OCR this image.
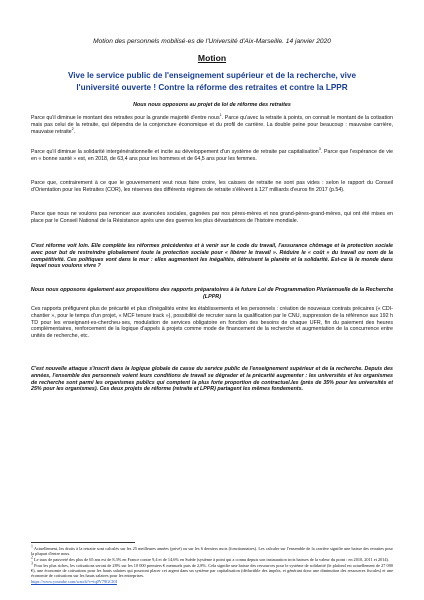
Motion des personnels mobilisé·es de l'Université d'Aix-Marseille. 14 janvier 2020
Motion
Vive le service public de l'enseignement supérieur et de la recherche, vive l'université ouverte ! Contre la réforme des retraites et contre la LPPR
Nous nous opposons au projet de loi de réforme des retraites
Parce qu'il diminue le montant des retraites pour la grande majorité d'entre nous$^1$. Parce qu'avec la retraite à points, on connait le montant de la cotisation mais pas celui de la retraite, qui dépendra de la conjoncture économique et du profil de carrière. La double peine pour beaucoup : mauvaise carrière, mauvaise retraite$^2$.
Parce qu'il diminue la solidarité intergénérationnelle et incite au développement d'un système de retraite par capitalisation$^3$. Parce que l'espérance de vie en « bonne santé » est, en 2018, de 63,4 ans pour les hommes et de 64,5 ans pour les femmes.
Parce que, contrairement à ce que le gouvernement veut nous faire croire, les caisses de retraite ne sont pas vides : selon le rapport du Conseil d'Orientation pour les Retraites (COR), les réserves des différents régimes de retraite s'élèvent à 127 milliards d'euros fin 2017 (p.54).
Parce que nous ne voulons pas renoncer aux avancées sociales, gagnées par nos pères-mères et nos grand-pères-grand-mères, qui ont été mises en place par le Conseil National de la Résistance après une des guerres les plus dévastatrices de l'histoire mondiale.
C'est réforme voit loin. Elle complète les réformes précédentes et à venir sur le code du travail, l'assurance chômage et la protection sociale avec pour but de restreindre globalement toute la protection sociale pour « libérer le travail ». Réduire le « coût » du travail ou nom de la compétitivité. Ces politiques vont dans le mur : elles augmentent les inégalités, détruisent la planète et la solidarité. Est-ce là le monde dans lequel nous voulons vivre ?
Nous nous opposons également aux propositions des rapports préparatoires à la future Loi de Programmation Pluriannuelle de la Recherche (LPPR)
Ces rapports préfigurent plus de précarité et plus d'inégalités entre les établissements et les personnels : création de nouveaux contrats précaires (« CDI-chantier », pour le temps d'un projet, « MCF tenure track »), possibilité de recruter sans la qualification par le CNU, suppression de la référence aux 192 h TD pour les enseignant·es-chercheu·ses, modulation de services obligatoire en fonction des besoins de chaque UFR, fin du paiement des heures complémentaires, renforcement de la logique d'appels à projets comme mode de financement de la recherche et augmentation de la concurrence entre unités de recherche, etc.
C'est nouvelle attaque s'inscrit dans la logique globale de casse du service public de l'enseignement supérieur et de la recherche. Depuis des années, l'ensemble des personnels voient leurs conditions de travail se dégrader et la précarité augmenter : les universités et les organismes de recherche sont parmi les organismes publics qui comptent la plus forte proportion de contractuel.les (près de 35% pour les universités et 25% pour les organismes). Ces deux projets de réforme (retraite et LPPR) partagent les mêmes fondements.
$^1$ Actuellement, les droits à la retraite sont calculés sur les 25 meilleures années (privé) ou sur les 6 derniers mois (fonctionnaires). Les calculer sur l'ensemble de la carrière signifie une baisse des retraites pour la plupart d'entre nous.
$^2$ Le taux de pauvreté des plus de 65 ans est de 8,3% en France contre 9,4 et de 14,6% en Suède (système à point qui a connu depuis son instauration trois baisses de la valeur du point : en 2010, 2011 et 2014).
$^3$ Pour les plus riches, les cotisations seront de 28% sur les 10 000 premiers € mensuels puis de 2,8%. Cela signifie une baisse des ressources pour le système de solidarité (le plafond est actuellement de 27 000 €), une économie de cotisations pour les hauts salaires qui pourront placer cet argent dans un système par capitalisation (déductible des impôts, et générant donc une diminution des ressources fiscales) et une économie de cotisations sur les hauts salaires pour les entreprises.
https://www.youtube.com/watch?v=iq0V79GCl0I
